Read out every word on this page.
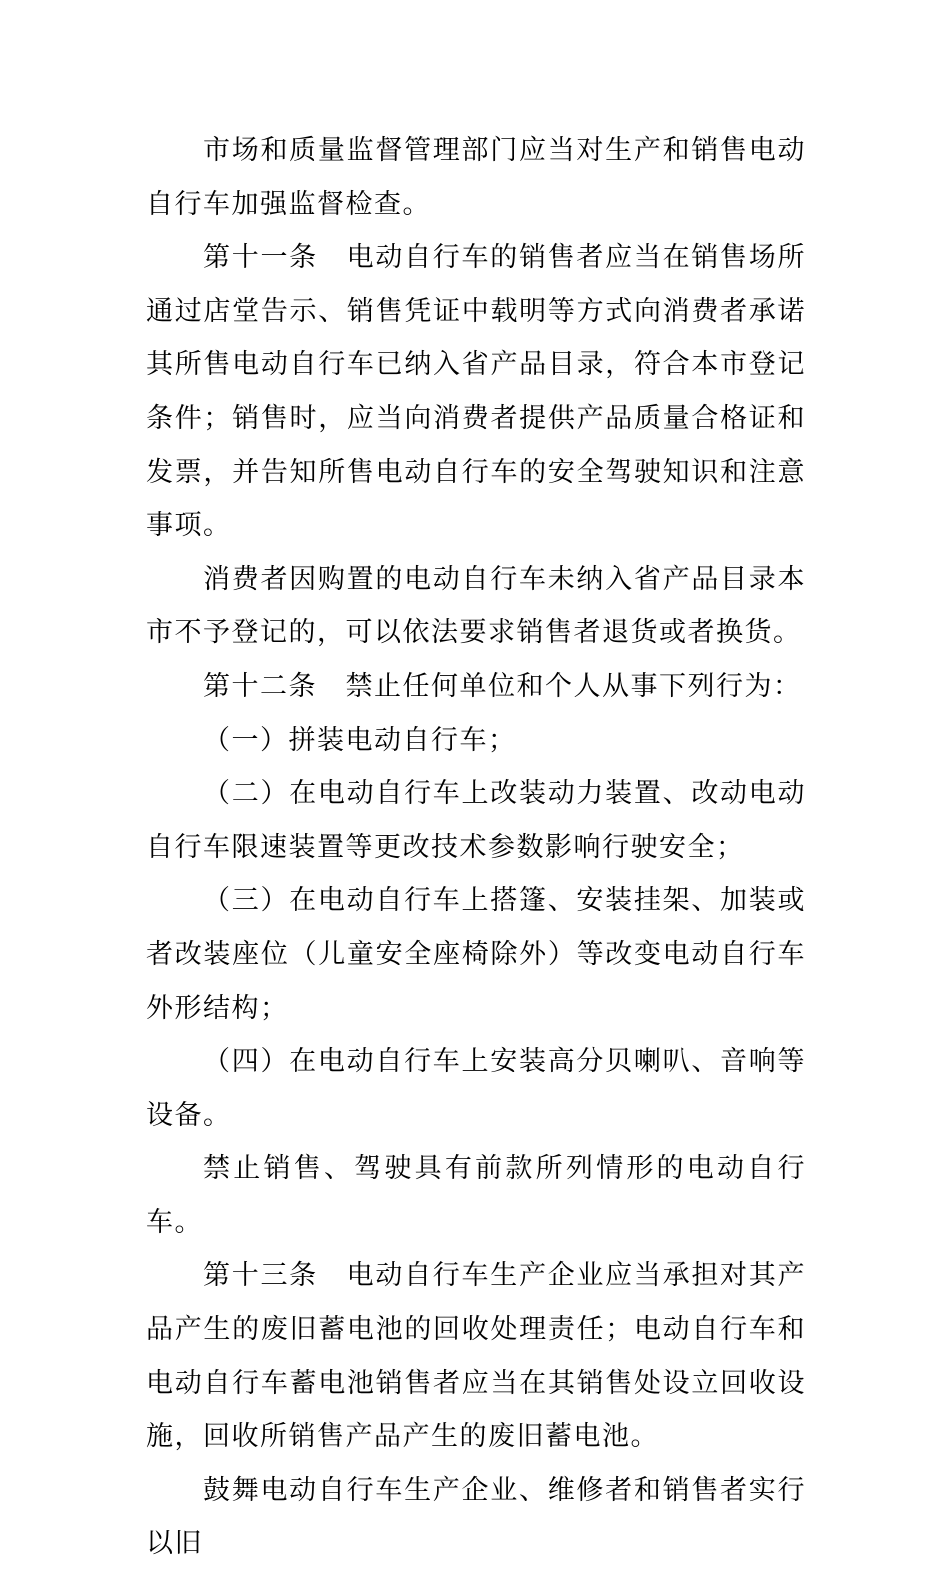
市场和质量监督管理部门应当对生产和销售电动自行车加强监督检查。

第十一条　电动自行车的销售者应当在销售场所通过店堂告示、销售凭证中载明等方式向消费者承诺其所售电动自行车已纳入省产品目录，符合本市登记条件；销售时，应当向消费者提供产品质量合格证和发票，并告知所售电动自行车的安全驾驶知识和注意事项。

消费者因购置的电动自行车未纳入省产品目录本市不予登记的，可以依法要求销售者退货或者换货。

第十二条　禁止任何单位和个人从事下列行为：

（一）拼装电动自行车；

（二）在电动自行车上改装动力装置、改动电动自行车限速装置等更改技术参数影响行驶安全；

（三）在电动自行车上搭篷、安装挂架、加装或者改装座位（儿童安全座椅除外）等改变电动自行车外形结构；

（四）在电动自行车上安装高分贝喇叭、音响等设备。

禁止销售、驾驶具有前款所列情形的电动自行车。

第十三条　电动自行车生产企业应当承担对其产品产生的废旧蓄电池的回收处理责任；电动自行车和电动自行车蓄电池销售者应当在其销售处设立回收设施，回收所销售产品产生的废旧蓄电池。

鼓舞电动自行车生产企业、维修者和销售者实行以旧
